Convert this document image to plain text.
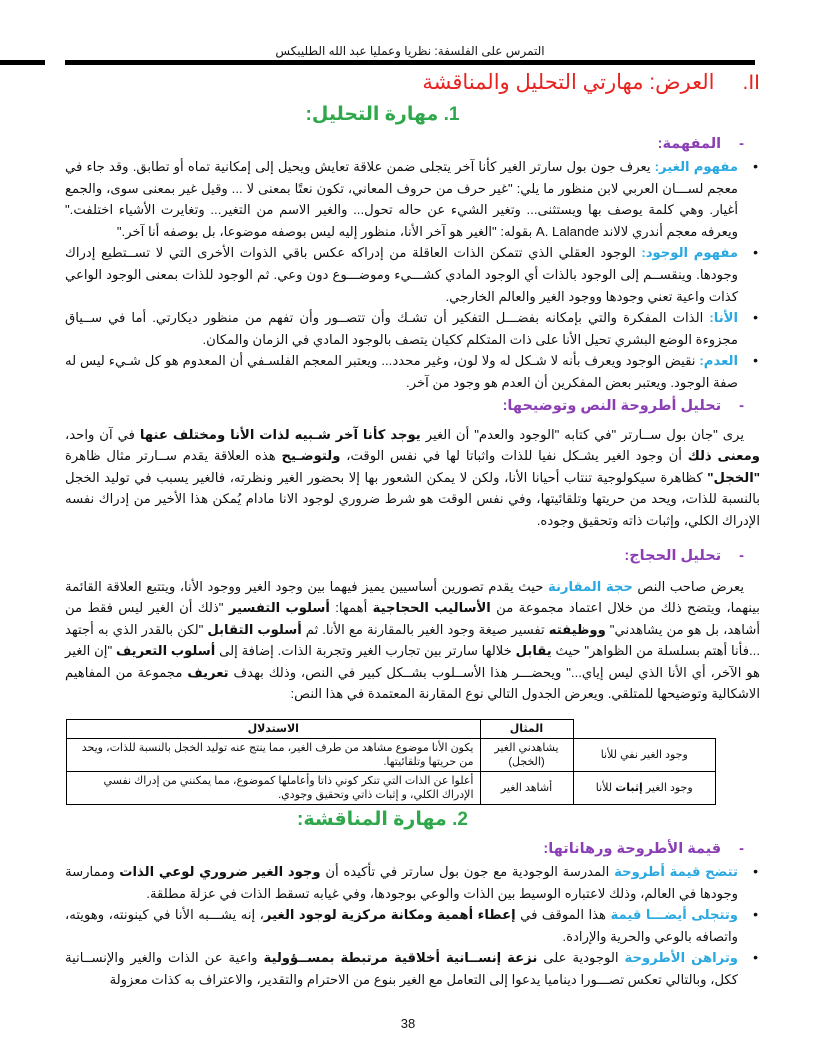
التمرس على الفلسفة: نظريا وعمليا عبد الله الطليبكس
II.العرض: مهارتي التحليل والمناقشة
1. مهارة التحليل:
-المفهمة:
• مفهوم الغير: يعرف جون بول سارتر الغير كأنا آخر يتجلى ضمن علاقة تعايش ويحيل إلى إمكانية تماه أو تطابق. وقد جاء في معجم لســـان العربي لابن منظور ما يلي: "غير حرف من حروف المعاني، تكون نعتًا بمعنى لا ... وقيل غير بمعنى سوى، والجمع أغيار. وهي كلمة يوصف بها ويستثنى... وتغير الشيء عن حاله تحول... والغير الاسم من التغير... وتغايرت الأشياء اختلفت." ويعرفه معجم أندري لالاند A. Lalande بقوله: "الغير هو آخر الأنا، منظور إليه ليس بوصفه موضوعا، بل بوصفه أنا آخر."
• مفهوم الوجود: الوجود العقلي الذي تتمكن الذات العاقلة من إدراكه عكس باقي الذوات الأخرى التي لا تســتطيع إدراك وجودها. وينقســم إلى الوجود بالذات أي الوجود المادي كشـــيء وموضـــوع دون وعي. ثم الوجود للذات بمعنى الوجود الواعي كذات واعية تعني وجودها ووجود الغير والعالم الخارجي.
• الأنا: الذات المفكرة والتي بإمكانه بفضـــل التفكير أن تشـك وأن تتصــور وأن تفهم من منظور ديكارتي. أما في ســياق مجزوءة الوضع البشري تحيل الأنا على ذات المتكلم ككيان يتصف بالوجود المادي في الزمان والمكان.
• العدم: نقيض الوجود ويعرف بأنه لا شـكل له ولا لون، وغير محدد... ويعتبر المعجم الفلسـفي أن المعدوم هو كل شـيء ليس له صفة الوجود. ويعتبر بعض المفكرين أن العدم هو وجود من آخر.
-تحليل أطروحة النص وتوضيحها:

يرى "جان بول ســارتر "في كتابه "الوجود والعدم" أن الغير يوجد كأنا آخر شـبيه لذات الأنا ومختلف عنها في آن واحد، ومعنى ذلك أن وجود الغير يشـكل نفيا للذات واثباتا لها في نفس الوقت، ولتوضـيح هذه العلاقة يقدم ســارتر مثال ظاهرة "الخجل" كظاهرة سيكولوجية تنتاب أحيانا الأنا، ولكن لا يمكن الشعور بها إلا بحضور الغير ونظرته، فالغير يسبب في توليد الخجل بالنسبة للذات، ويحد من حريتها وتلقائيتها، وفي نفس الوقت هو شرط ضروري لوجود الانا مادام يُمكن هذا الأخير من إدراك نفسه الإدراك الكلي، وإثبات ذاته وتحقيق وجوده.

-تحليل الحجاج:

يعرض صاحب النص حجة المقارنة حيث يقدم تصورين أساسيين يميز فيهما بين وجود الغير ووجود الأنا، ويتتبع العلاقة القائمة بينهما، ويتضح ذلك من خلال اعتماد مجموعة من الأساليب الحجاجية أهمها: أسلوب التفسير "ذلك أن الغير ليس فقط من أشاهد، بل هو من يشاهدني" ووظيفته تفسير صيغة وجود الغير بالمقارنة مع الأنا. ثم أسلوب التقابل "لكن بالقدر الذي به أجتهد ...فأنا أهتم بسلسلة من الظواهر" حيث يقابل خلالها سارتر بين تجارب الغير وتجربة الذات. إضافة إلى أسلوب التعريف "إن الغير هو الآخر، أي الأنا الذي ليس إياي..." ويحضـــر هذا الأســلوب بشــكل كبير في النص، وذلك بهدف تعريف مجموعة من المفاهيم الاشكالية وتوضيحها للمتلقي. ويعرض الجدول التالي نوع المقارنة المعتمدة في هذا النص:

	المثال	الاستدلال
وجود الغير نفي للأنا	يشاهدني الغير (الخجل)	يكون الأنا موضوع مشاهد من طرف الغير، مما ينتج عنه توليد الخجل بالنسبة للذات، ويحد من حريتها وتلقائيتها.
وجود الغير إثبات للأنا	أشاهد الغير	أعلوا عن الذات التي تنكر كوني ذاتا وأعاملها كموضوع، مما يمكنني من إدراك نفسي الإدراك الكلي، و إثبات ذاتي وتحقيق وجودي.
2. مهارة المناقشة:
-قيمة الأطروحة ورهاناتها:
• تتضح قيمة أطروحة المدرسة الوجودية مع جون بول سارتر في تأكيده أن وجود الغير ضروري لوعي الذات وممارسة وجودها في العالم، وذلك لاعتباره الوسيط بين الذات والوعي بوجودها، وفي غيابه تسقط الذات في عزلة مطلقة.
• وتتجلى أيضـــا قيمة هذا الموقف في إعطاء أهمية ومكانة مركزية لوجود الغير، إنه يشـــبه الأنا في كينونته، وهويته، واتصافه بالوعي والحرية والإرادة.
• وتراهن الأطروحة الوجودية على نزعة إنســانية أخلاقية مرتبطة بمســؤولية واعية عن الذات والغير والإنســانية ككل، وبالتالي تعكس تصـــورا ديناميا يدعوا إلى التعامل مع الغير بنوع من الاحترام والتقدير، والاعتراف به كذات معزولة
38
